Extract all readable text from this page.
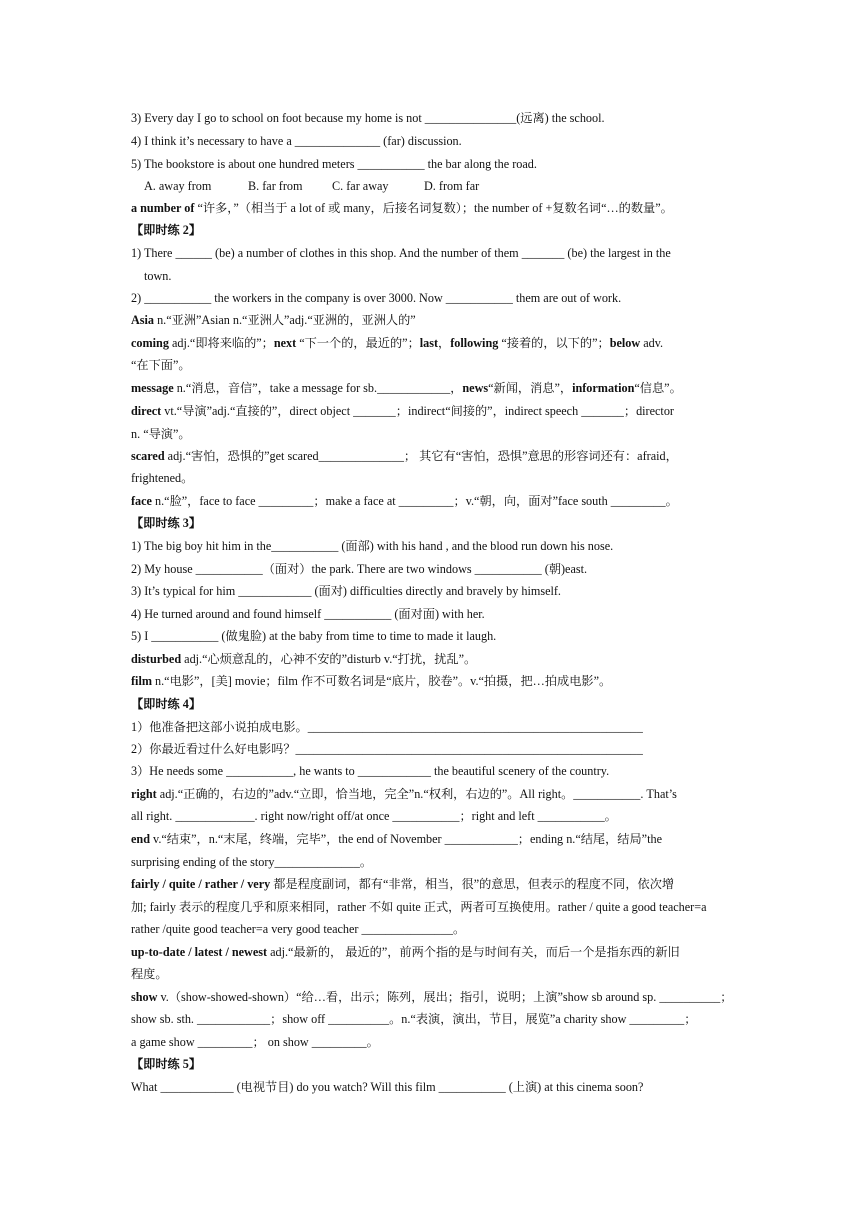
3) Every day I go to school on foot because my home is not _______________(远离) the school.
4) I think it’s necessary to have a ______________ (far) discussion.
5) The bookstore is about one hundred meters ___________ the bar along the road.
A. away from	B. far from C. far away	D. from far
a number of “许多，”（相当于 a lot of 或 many，后接名词复数）；the number of +复数名词“…的数量”。
【即时练 2】
1) There ______ (be) a number of clothes in this shop. And the number of them _______ (be) the largest in the
town.
2) ___________ the workers in the company is over 3000. Now ___________ them are out of work.
Asia n.“亚洲”Asian n.“亚洲人”adj.“亚洲的，亚洲人的”
coming adj.“即将来临的”；next “下一个的，最近的”；last，following “接着的，以下的”；below adv.
“在下面”。
message n.“消息，音信”，take a message for sb.____________，news“新闻，消息”，information“信息”。
direct vt.“导演”adj.“直接的”，direct object _______；indirect“间接的”，indirect speech _______；director
n. “导演”。
scared adj.“害怕，恐惧的”get scared______________； 其它有“害怕，恐惧”意思的形容词还有：afraid，
frightened。
face n.“脸”，face to face _________；make a face at _________；v.“朝，向，面对”face south _________。
【即时练 3】
1) The big boy hit him in the___________ (面部) with his hand , and the blood run down his nose.
2) My house ___________（面对）the park. There are two windows ___________ (朝)east.
3) It’s typical for him ____________ (面对) difficulties directly and bravely by himself.
4) He turned around and found himself ___________ (面对面) with her.
5) I ___________ (做鬼脸) at the baby from time to time to made it laugh.
disturbed adj.“心烦意乱的，心神不安的”disturb v.“打扰，扰乱”。
film n.“电影”，[美] movie；film 作不可数名词是“底片，胶卷”。v.“拍摄，把…拍成电影”。
【即时练 4】
1）他准备把这部小说拍成电影。_______________________________________________________
2）你最近看过什么好电影吗？_________________________________________________________
3）He needs some ___________, he wants to ____________ the beautiful scenery of the country.
right adj.“正确的，右边的”adv.“立即，恰当地，完全”n.“权利，右边的”。All right。___________. That’s
all right. _____________. right now/right off/at once ___________；right and left ___________。
end v.“结束”，n.“末尾，终端，完毕”，the end of November ____________；ending n.“结尾，结局”the
surprising ending of the story______________。
fairly / quite / rather / very 都是程度副词，都有“非常，相当，很”的意思，但表示的程度不同，依次增
加; fairly 表示的程度几乎和原来相同，rather 不如 quite 正式，两者可互换使用。rather / quite a good teacher=a
rather /quite good teacher=a very good teacher _______________。
up-to-date / latest / newest adj.“最新的， 最近的”，前两个指的是与时间有关，而后一个是指东西的新旧
程度。
show v.（show-showed-shown）“给…看，出示；陈列，展出；指引，说明；上演”show sb around sp. __________；
show sb. sth. ____________；show off __________。n.“表演，演出，节目，展览”a charity show _________；
a game show _________； on show _________。
【即时练 5】
What ____________ (电视节目) do you watch? Will this film ___________ (上演) at this cinema soon?
